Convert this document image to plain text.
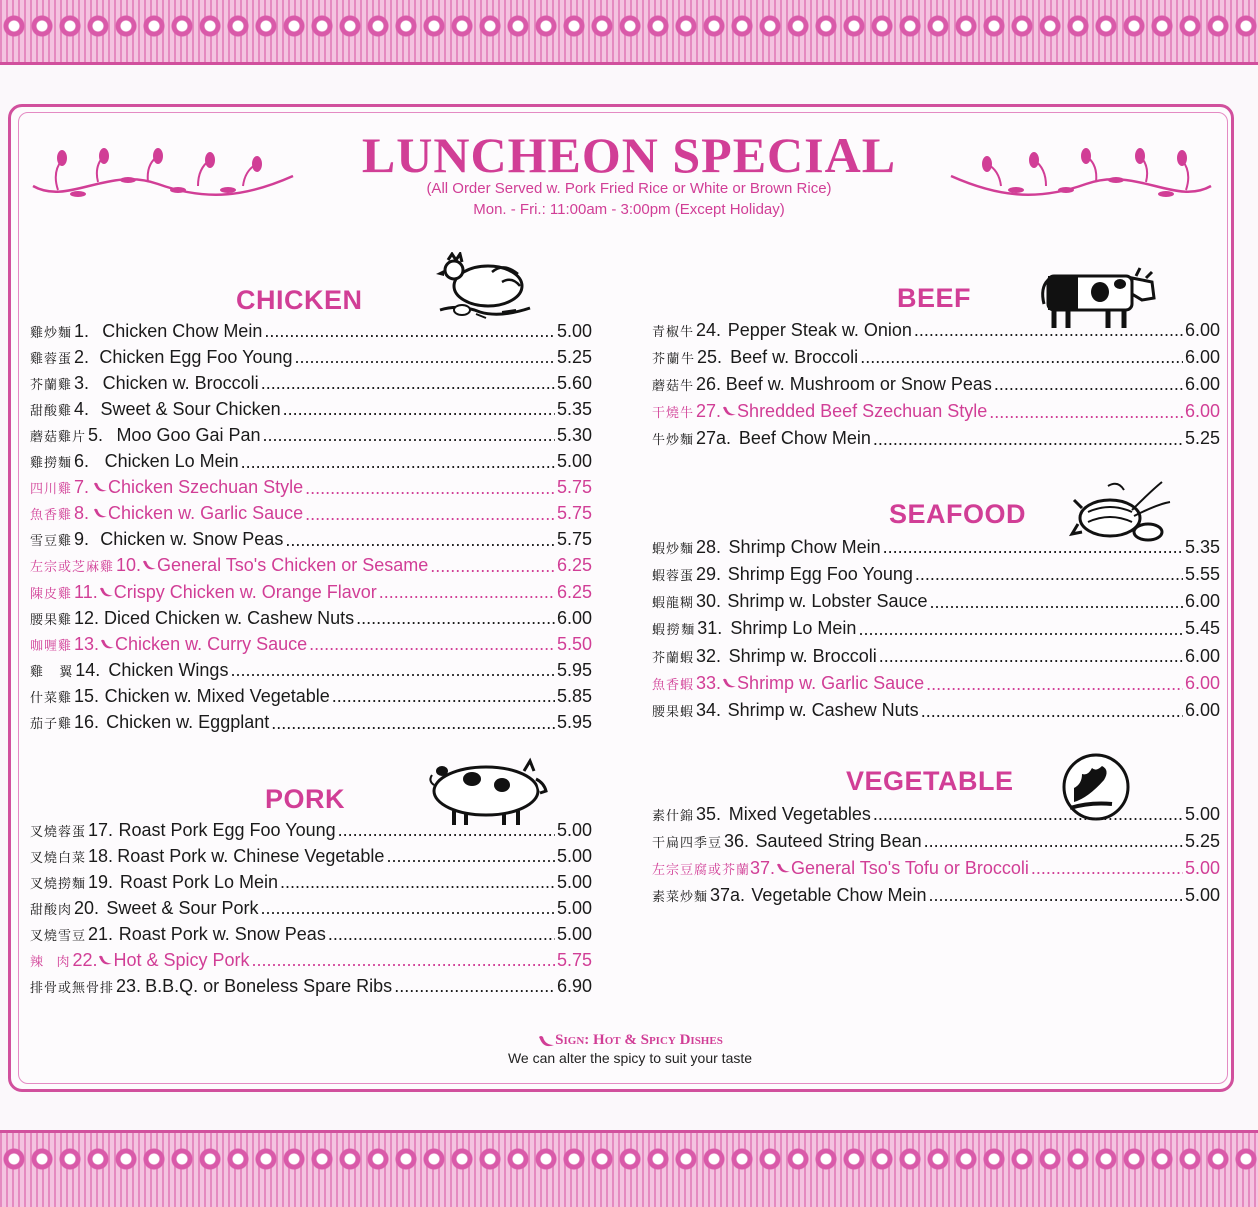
LUNCHEON SPECIAL
(All Order Served w. Pork Fried Rice or White or Brown Rice)
Mon. - Fri.: 11:00am - 3:00pm (Except Holiday)
CHICKEN
PORK
BEEF
SEAFOOD
VEGETABLE
雞炒麵 1. Chicken Chow Mein .....	5.00
雞蓉蛋 2. Chicken Egg Foo Young .....	5.25
芥蘭雞 3. Chicken w. Broccoli .....	5.60
甜酸雞 4. Sweet & Sour Chicken .....	5.35
蘑菇雞片 5. Moo Goo Gai Pan .....	5.30
雞撈麵 6. Chicken Lo Mein .....	5.00
四川雞 7. Chicken Szechuan Style .....	5.75
魚香雞 8. Chicken w. Garlic Sauce .....	5.75
雪豆雞 9. Chicken w. Snow Peas .....	5.75
左宗或芝麻雞 10. General Tso's Chicken or Sesame .....	6.25
陳皮雞 11. Crispy Chicken w. Orange Flavor .....	6.25
腰果雞 12. Diced Chicken w. Cashew Nuts .....	6.00
咖喱雞 13. Chicken w. Curry Sauce .....	5.50
雞翼 14. Chicken Wings .....	5.95
什菜雞 15. Chicken w. Mixed Vegetable .....	5.85
茄子雞 16. Chicken w. Eggplant .....	5.95
叉燒蓉蛋 17. Roast Pork Egg Foo Young .....	5.00
叉燒白菜 18. Roast Pork w. Chinese Vegetable .....	5.00
叉燒撈麵 19. Roast Pork Lo Mein .....	5.00
甜酸肉 20. Sweet & Sour Pork .....	5.00
叉燒雪豆 21. Roast Pork w. Snow Peas .....	5.00
辣肉 22. Hot & Spicy Pork .....	5.75
排骨或無骨排 23. B.B.Q. or Boneless Spare Ribs .....	6.90
青椒牛 24. Pepper Steak w. Onion .....	6.00
芥蘭牛 25. Beef w. Broccoli .....	6.00
蘑菇牛 26. Beef w. Mushroom or Snow Peas .....	6.00
干燒牛 27. Shredded Beef Szechuan Style .....	6.00
牛炒麵 27a. Beef Chow Mein .....	5.25
蝦炒麵 28. Shrimp Chow Mein .....	5.35
蝦蓉蛋 29. Shrimp Egg Foo Young .....	5.55
蝦龍糊 30. Shrimp w. Lobster Sauce .....	6.00
蝦撈麵 31. Shrimp Lo Mein .....	5.45
芥蘭蝦 32. Shrimp w. Broccoli .....	6.00
魚香蝦 33. Shrimp w. Garlic Sauce .....	6.00
腰果蝦 34. Shrimp w. Cashew Nuts .....	6.00
素什錦 35. Mixed Vegetables .....	5.00
干扁四季豆 36. Sauteed String Bean .....	5.25
左宗豆腐或芥蘭 37. General Tso's Tofu or Broccoli .....	5.00
素菜炒麵 37a. Vegetable Chow Mein .....	5.00
Sign: Hot & Spicy Dishes
We can alter the spicy to suit your taste
